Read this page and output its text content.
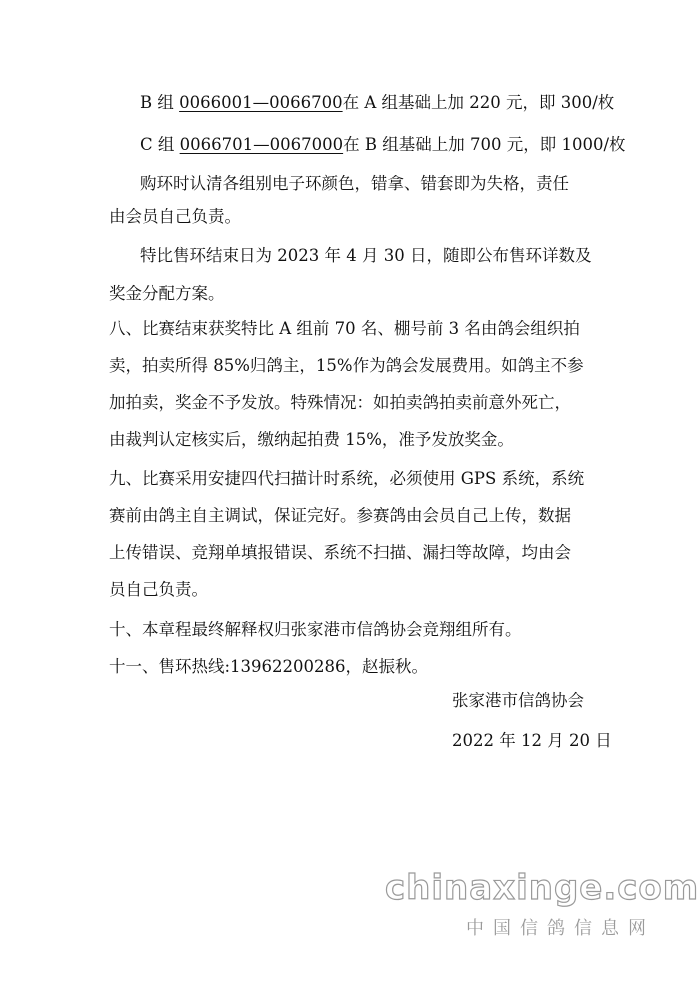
B 组 0066001—0066700在 A 组基础上加 220 元，即 300/枚
C 组 0066701—0067000在 B 组基础上加 700 元，即 1000/枚
购环时认清各组别电子环颜色，错拿、错套即为失格，责任
由会员自己负责。
特比售环结束日为 2023 年 4 月 30 日，随即公布售环详数及
奖金分配方案。
八、比赛结束获奖特比 A 组前 70 名、棚号前 3 名由鸽会组织拍
卖，拍卖所得 85%归鸽主，15%作为鸽会发展费用。如鸽主不参
加拍卖，奖金不予发放。特殊情况：如拍卖鸽拍卖前意外死亡，
由裁判认定核实后，缴纳起拍费 15%，准予发放奖金。
九、比赛采用安捷四代扫描计时系统，必须使用 GPS 系统，系统
赛前由鸽主自主调试，保证完好。参赛鸽由会员自己上传，数据
上传错误、竞翔单填报错误、系统不扫描、漏扫等故障，均由会
员自己负责。
十、本章程最终解释权归张家港市信鸽协会竞翔组所有。
十一、售环热线:13962200286，赵振秋。
张家港市信鸽协会
2022 年 12 月 20 日
chinaxinge.com
中国信鸽信息网
